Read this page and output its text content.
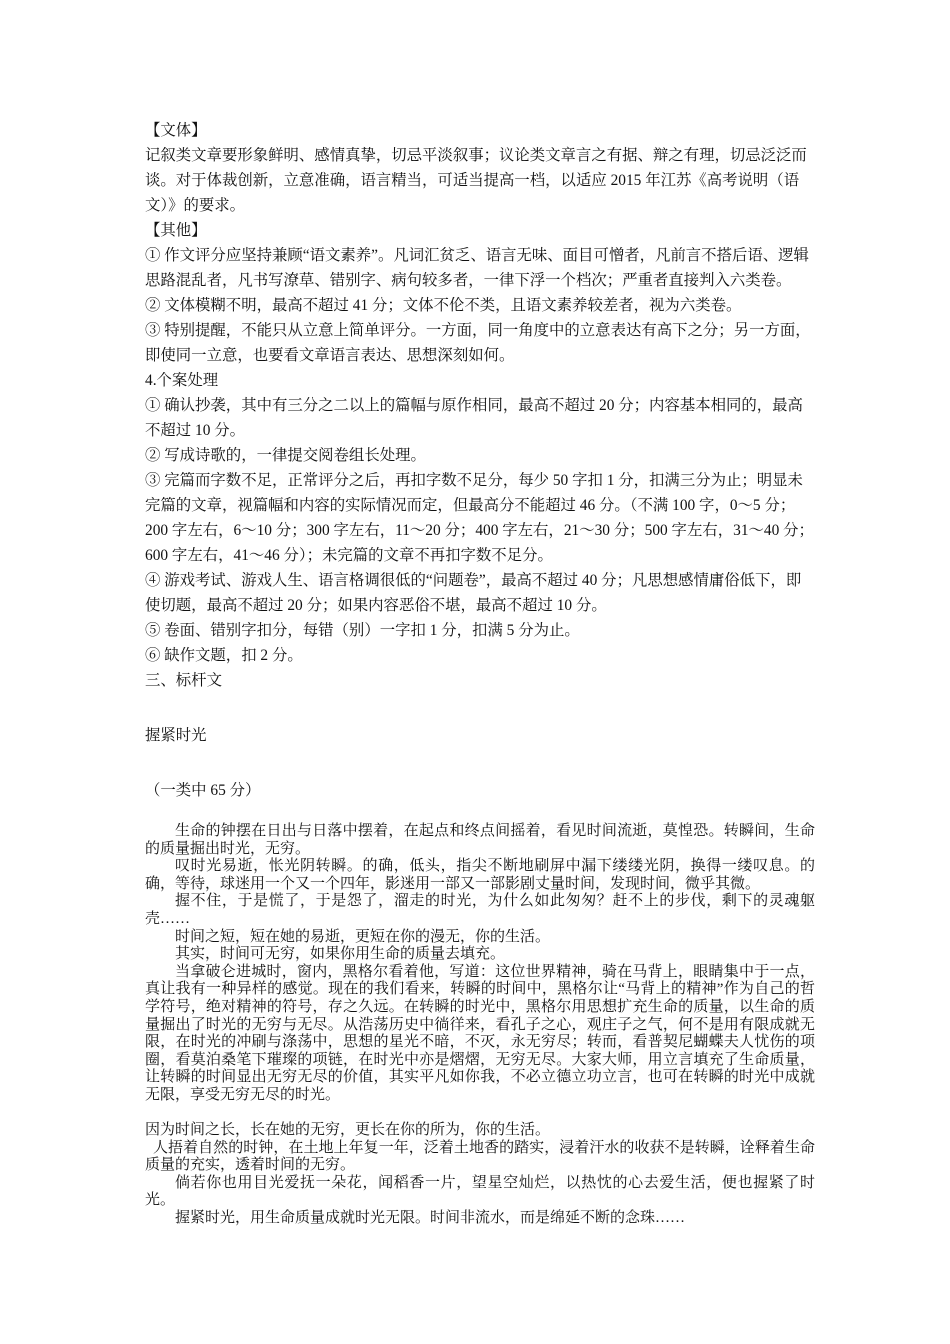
【文体】

记叙类文章要形象鲜明、感情真挚，切忌平淡叙事；议论类文章言之有据、辩之有理，切忌泛泛而谈。对于体裁创新，立意准确，语言精当，可适当提高一档，以适应 2015 年江苏《高考说明（语文）》的要求。

【其他】

① 作文评分应坚持兼顾“语文素养”。凡词汇贫乏、语言无味、面目可憎者，凡前言不搭后语、逻辑思路混乱者，凡书写潦草、错别字、病句较多者，一律下浮一个档次；严重者直接判入六类卷。

② 文体模糊不明，最高不超过 41 分；文体不伦不类，且语文素养较差者，视为六类卷。

③ 特别提醒，不能只从立意上简单评分。一方面，同一角度中的立意表达有高下之分；另一方面，即使同一立意，也要看文章语言表达、思想深刻如何。

4.个案处理

① 确认抄袭，其中有三分之二以上的篇幅与原作相同，最高不超过 20 分；内容基本相同的，最高不超过 10 分。

② 写成诗歌的，一律提交阅卷组长处理。

③ 完篇而字数不足，正常评分之后，再扣字数不足分，每少 50 字扣 1 分，扣满三分为止；明显未完篇的文章，视篇幅和内容的实际情况而定，但最高分不能超过 46 分。（不满 100 字，0～5 分；200 字左右，6～10 分；300 字左右，11～20 分；400 字左右，21～30 分；500 字左右，31～40 分；600 字左右，41～46 分）；未完篇的文章不再扣字数不足分。

④ 游戏考试、游戏人生、语言格调很低的“问题卷”，最高不超过 40 分；凡思想感情庸俗低下，即使切题，最高不超过 20 分；如果内容恶俗不堪，最高不超过 10 分。

⑤ 卷面、错别字扣分，每错（别）一字扣 1 分，扣满 5 分为止。

⑥ 缺作文题，扣 2 分。

三、标杆文

握紧时光

（一类中 65 分）

生命的钟摆在日出与日落中摆着，在起点和终点间摇着，看见时间流逝，莫惶恐。转瞬间，生命的质量掘出时光，无穷。

叹时光易逝，怅光阴转瞬。的确，低头，指尖不断地刷屏中漏下缕缕光阴，换得一缕叹息。的确，等待，球迷用一个又一个四年，影迷用一部又一部影剧丈量时间，发现时间，微乎其微。

握不住，于是慌了，于是怨了，溜走的时光，为什么如此匆匆？赶不上的步伐，剩下的灵魂躯壳……

时间之短，短在她的易逝，更短在你的漫无，你的生活。

其实，时间可无穷，如果你用生命的质量去填充。

当拿破仑进城时，窗内，黑格尔看着他，写道：这位世界精神，骑在马背上，眼睛集中于一点，真让我有一种异样的感觉。现在的我们看来，转瞬的时间中，黑格尔让“马背上的精神”作为自己的哲学符号，绝对精神的符号，存之久远。在转瞬的时光中，黑格尔用思想扩充生命的质量，以生命的质量掘出了时光的无穷与无尽。从浩荡历史中徜徉来，看孔子之心，观庄子之气，何不是用有限成就无限，在时光的冲刷与涤荡中，思想的星光不暗，不灭，永无穷尽；转而，看普契尼蝴蝶夫人忧伤的项圈，看莫泊桑笔下璀璨的项链，在时光中亦是熠熠，无穷无尽。大家大师，用立言填充了生命质量，让转瞬的时间显出无穷无尽的价值，其实平凡如你我，不必立德立功立言，也可在转瞬的时光中成就无限，享受无穷无尽的时光。

因为时间之长，长在她的无穷，更长在你的所为，你的生活。

人捂着自然的时钟，在土地上年复一年，泛着土地香的踏实，浸着汗水的收获不是转瞬，诠释着生命质量的充实，透着时间的无穷。

倘若你也用目光爱抚一朵花，闻稻香一片，望星空灿烂，以热忱的心去爱生活，便也握紧了时光。

握紧时光，用生命质量成就时光无限。时间非流水，而是绵延不断的念珠……
